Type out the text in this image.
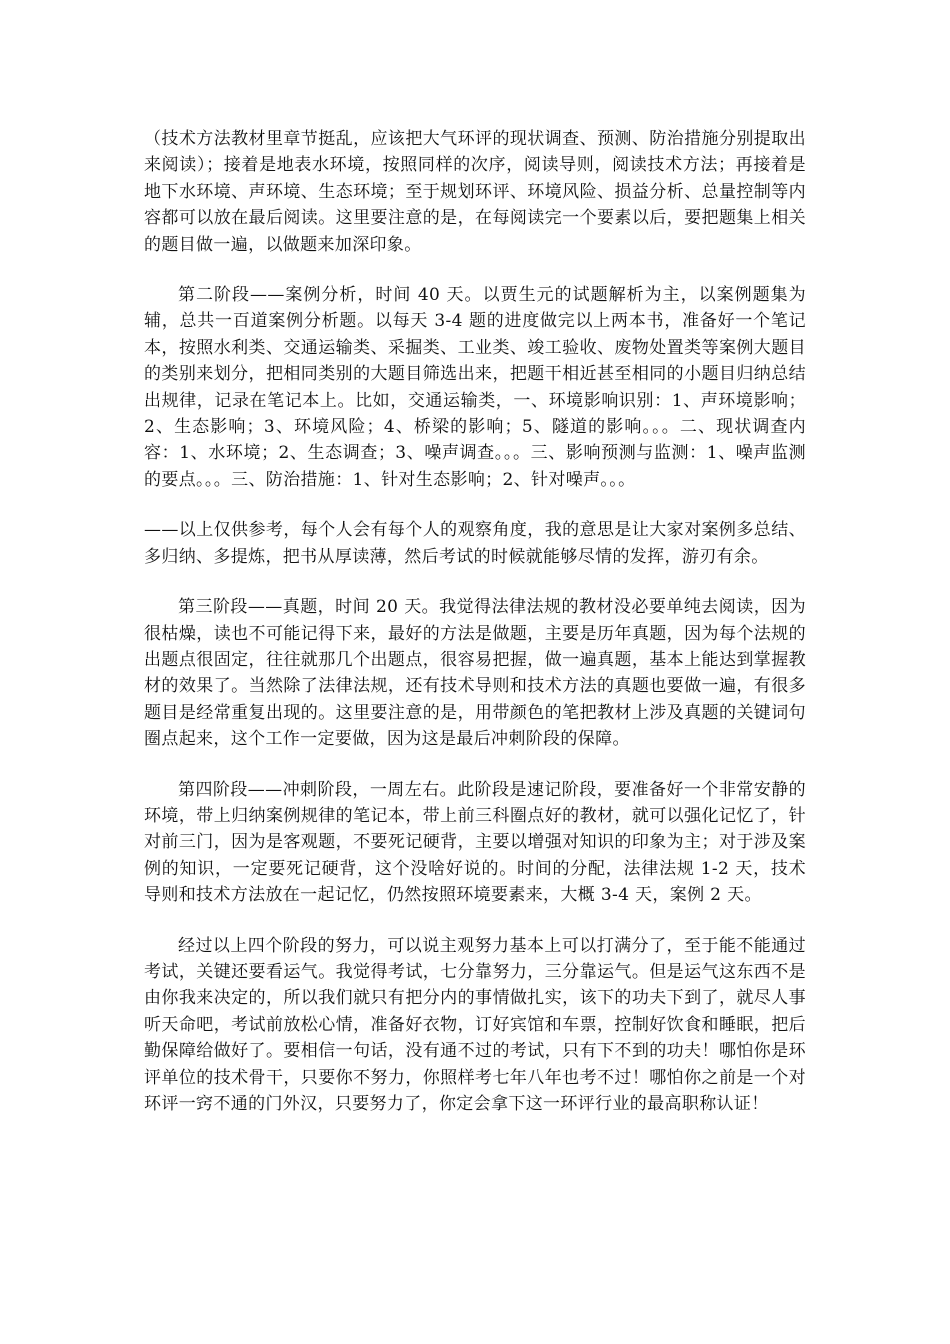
（技术方法教材里章节挺乱，应该把大气环评的现状调查、预测、防治措施分别提取出来阅读）；接着是地表水环境，按照同样的次序，阅读导则，阅读技术方法；再接着是地下水环境、声环境、生态环境；至于规划环评、环境风险、损益分析、总量控制等内容都可以放在最后阅读。这里要注意的是，在每阅读完一个要素以后，要把题集上相关的题目做一遍，以做题来加深印象。

第二阶段——案例分析，时间 40 天。以贾生元的试题解析为主，以案例题集为辅，总共一百道案例分析题。以每天 3-4 题的进度做完以上两本书，准备好一个笔记本，按照水利类、交通运输类、采掘类、工业类、竣工验收、废物处置类等案例大题目的类别来划分，把相同类别的大题目筛选出来，把题干相近甚至相同的小题目归纳总结出规律，记录在笔记本上。比如，交通运输类，一、环境影响识别：1、声环境影响；2、生态影响；3、环境风险；4、桥梁的影响；5、隧道的影响。。。二、现状调查内容：1、水环境；2、生态调查；3、噪声调查。。。三、影响预测与监测：1、噪声监测的要点。。。三、防治措施：1、针对生态影响；2、针对噪声。。。

——以上仅供参考，每个人会有每个人的观察角度，我的意思是让大家对案例多总结、多归纳、多提炼，把书从厚读薄，然后考试的时候就能够尽情的发挥，游刃有余。

第三阶段——真题，时间 20 天。我觉得法律法规的教材没必要单纯去阅读，因为很枯燥，读也不可能记得下来，最好的方法是做题，主要是历年真题，因为每个法规的出题点很固定，往往就那几个出题点，很容易把握，做一遍真题，基本上能达到掌握教材的效果了。当然除了法律法规，还有技术导则和技术方法的真题也要做一遍，有很多题目是经常重复出现的。这里要注意的是，用带颜色的笔把教材上涉及真题的关键词句圈点起来，这个工作一定要做，因为这是最后冲刺阶段的保障。

第四阶段——冲刺阶段，一周左右。此阶段是速记阶段，要准备好一个非常安静的环境，带上归纳案例规律的笔记本，带上前三科圈点好的教材，就可以强化记忆了，针对前三门，因为是客观题，不要死记硬背，主要以增强对知识的印象为主；对于涉及案例的知识，一定要死记硬背，这个没啥好说的。时间的分配，法律法规 1-2 天，技术导则和技术方法放在一起记忆，仍然按照环境要素来，大概 3-4 天，案例 2 天。

经过以上四个阶段的努力，可以说主观努力基本上可以打满分了，至于能不能通过考试，关键还要看运气。我觉得考试，七分靠努力，三分靠运气。但是运气这东西不是由你我来决定的，所以我们就只有把分内的事情做扎实，该下的功夫下到了，就尽人事听天命吧，考试前放松心情，准备好衣物，订好宾馆和车票，控制好饮食和睡眠，把后勤保障给做好了。要相信一句话，没有通不过的考试，只有下不到的功夫！哪怕你是环评单位的技术骨干，只要你不努力，你照样考七年八年也考不过！哪怕你之前是一个对环评一窍不通的门外汉，只要努力了，你定会拿下这一环评行业的最高职称认证！
